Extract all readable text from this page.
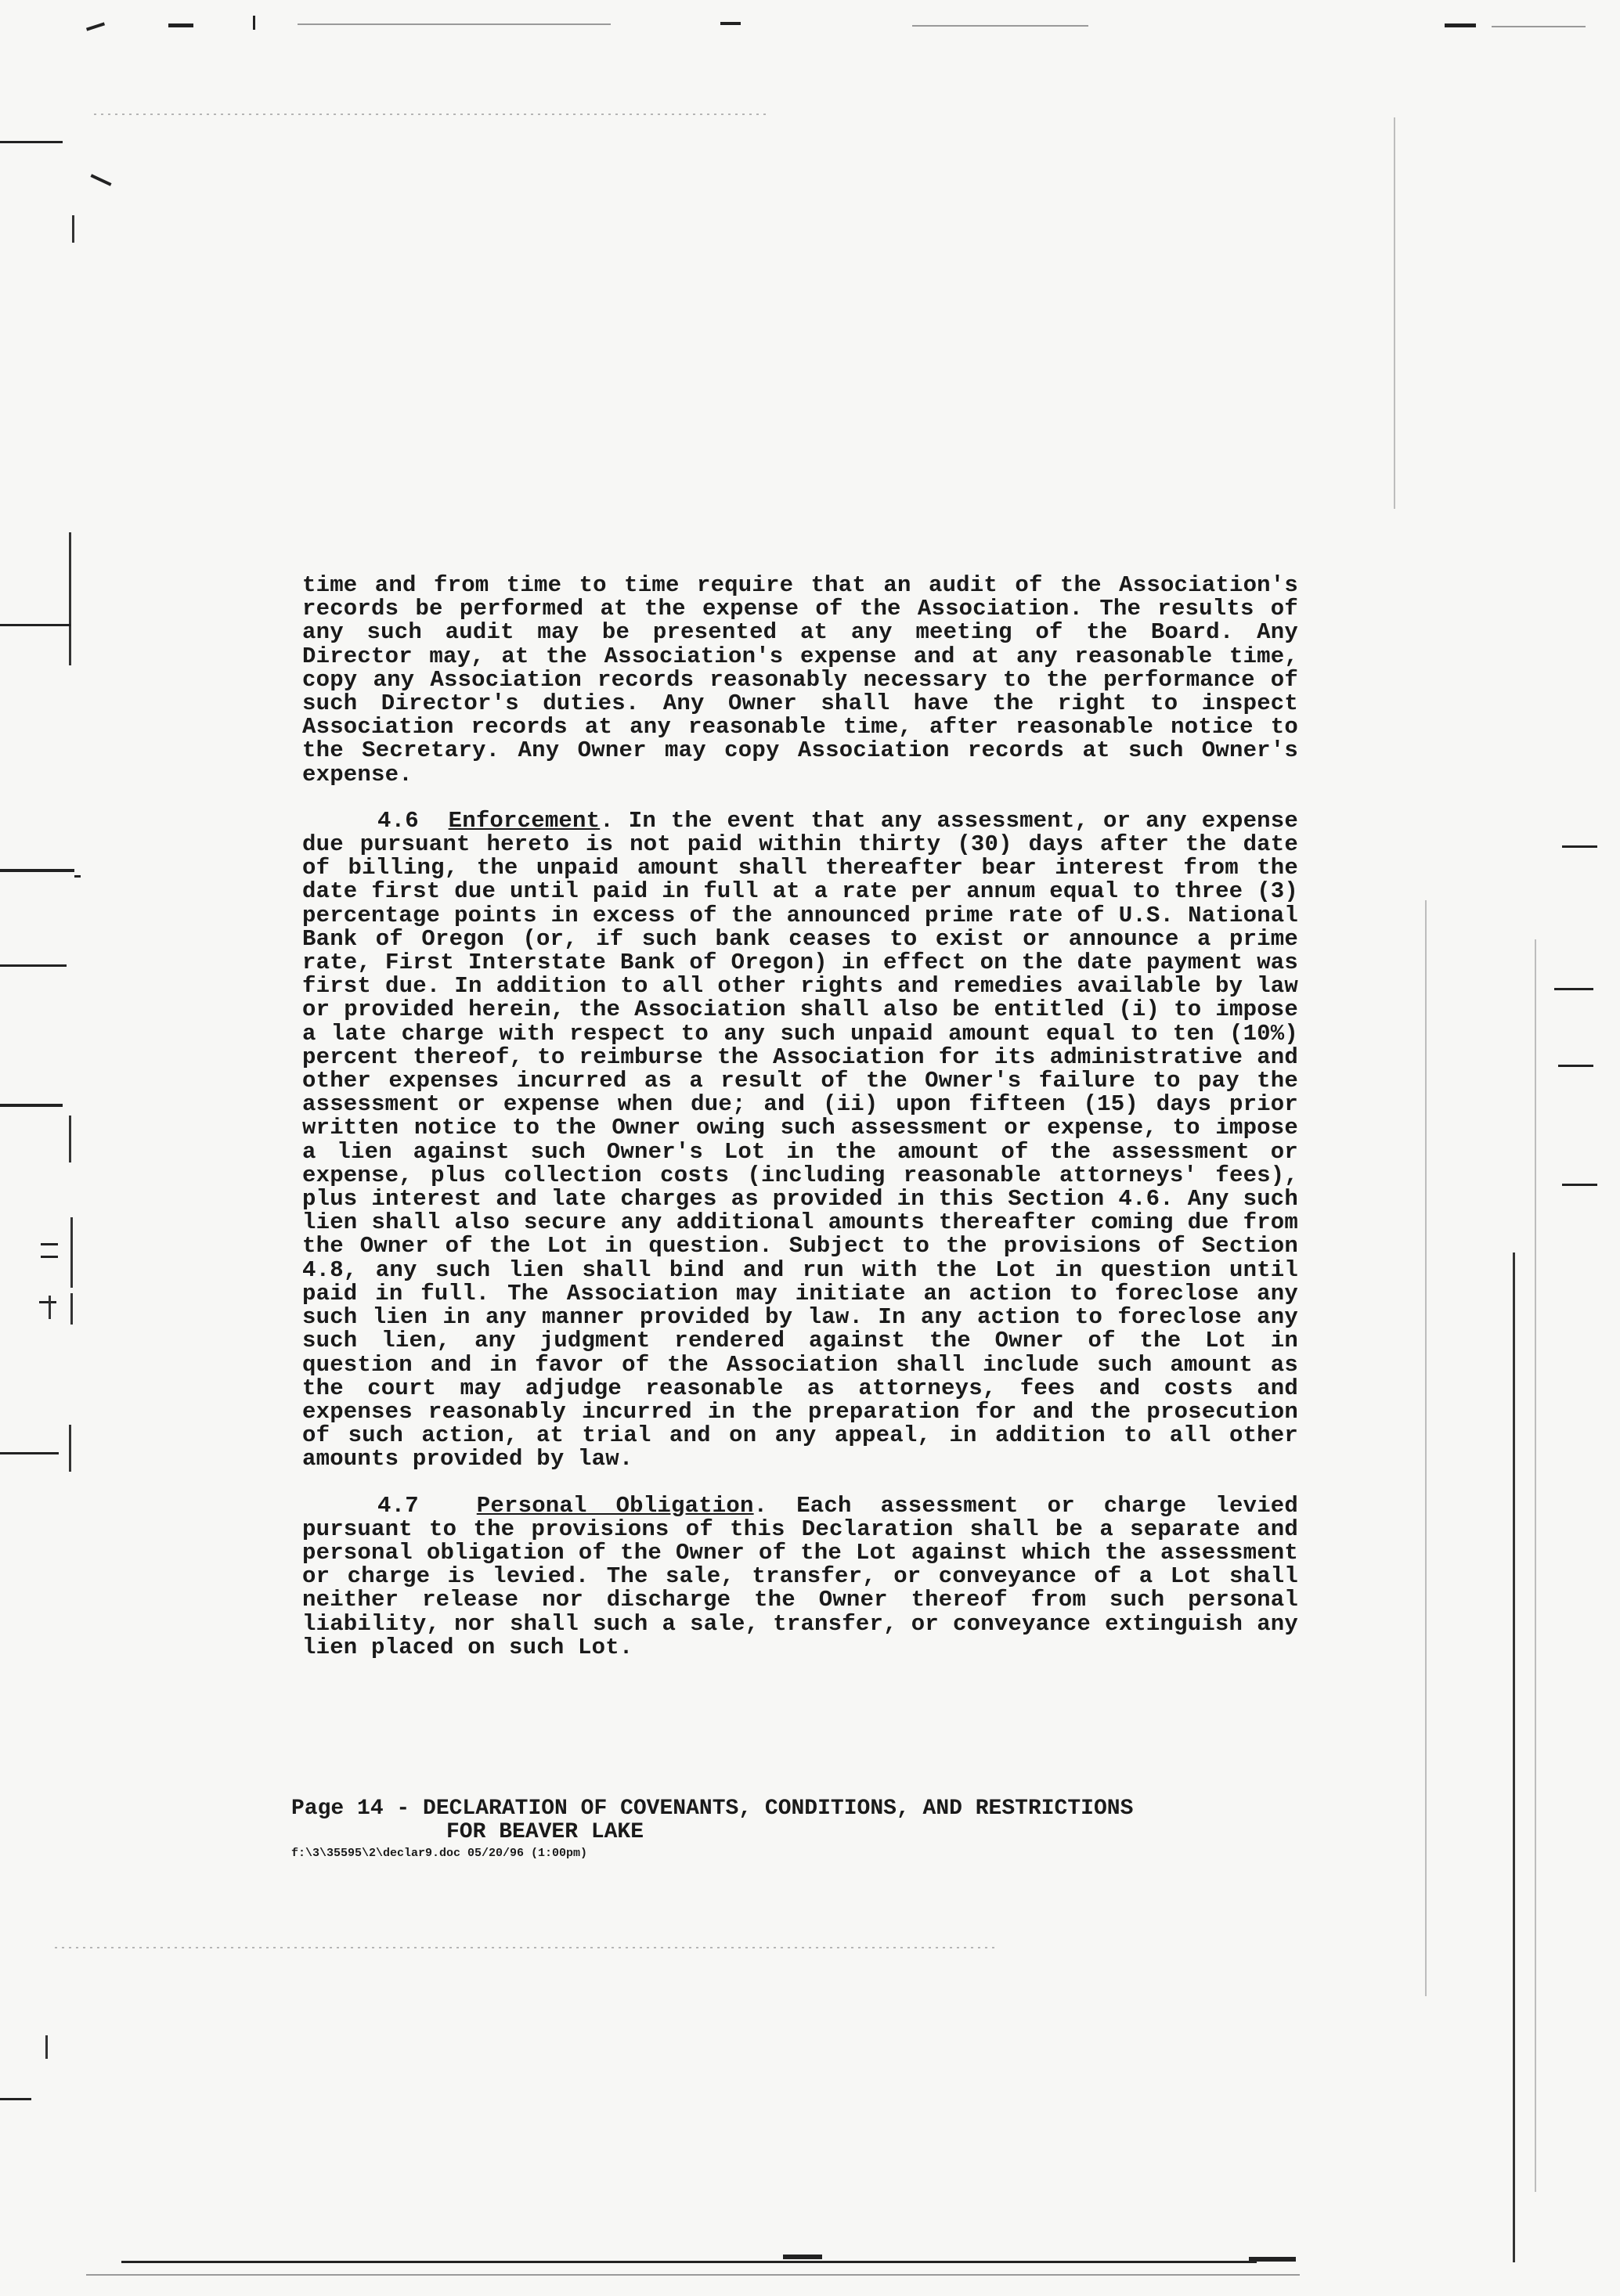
time and from time to time require that an audit of the Association's records be performed at the expense of the Association. The results of any such audit may be presented at any meeting of the Board. Any Director may, at the Association's expense and at any reasonable time, copy any Association records reasonably necessary to the performance of such Director's duties. Any Owner shall have the right to inspect Association records at any reasonable time, after reasonable notice to the Secretary. Any Owner may copy Association records at such Owner's expense.

4.6 Enforcement. In the event that any assessment, or any expense due pursuant hereto is not paid within thirty (30) days after the date of billing, the unpaid amount shall thereafter bear interest from the date first due until paid in full at a rate per annum equal to three (3) percentage points in excess of the announced prime rate of U.S. National Bank of Oregon (or, if such bank ceases to exist or announce a prime rate, First Interstate Bank of Oregon) in effect on the date payment was first due. In addition to all other rights and remedies available by law or provided herein, the Association shall also be entitled (i) to impose a late charge with respect to any such unpaid amount equal to ten (10%) percent thereof, to reimburse the Association for its administrative and other expenses incurred as a result of the Owner's failure to pay the assessment or expense when due; and (ii) upon fifteen (15) days prior written notice to the Owner owing such assessment or expense, to impose a lien against such Owner's Lot in the amount of the assessment or expense, plus collection costs (including reasonable attorneys' fees), plus interest and late charges as provided in this Section 4.6. Any such lien shall also secure any additional amounts thereafter coming due from the Owner of the Lot in question. Subject to the provisions of Section 4.8, any such lien shall bind and run with the Lot in question until paid in full. The Association may initiate an action to foreclose any such lien in any manner provided by law. In any action to foreclose any such lien, any judgment rendered against the Owner of the Lot in question and in favor of the Association shall include such amount as the court may adjudge reasonable as attorneys, fees and costs and expenses reasonably incurred in the preparation for and the prosecution of such action, at trial and on any appeal, in addition to all other amounts provided by law.

4.7	Personal Obligation. Each assessment or charge levied pursuant to the provisions of this Declaration shall be a separate and personal obligation of the Owner of the Lot against which the assessment or charge is levied. The sale, transfer, or conveyance of a Lot shall neither release nor discharge the Owner thereof from such personal liability, nor shall such a sale, transfer, or conveyance extinguish any lien placed on such Lot.

Page 14 - DECLARATION OF COVENANTS, CONDITIONS, AND RESTRICTIONS
FOR BEAVER LAKE
f:\3\35595\2\declar9.doc 05/20/96 (1:00pm)
